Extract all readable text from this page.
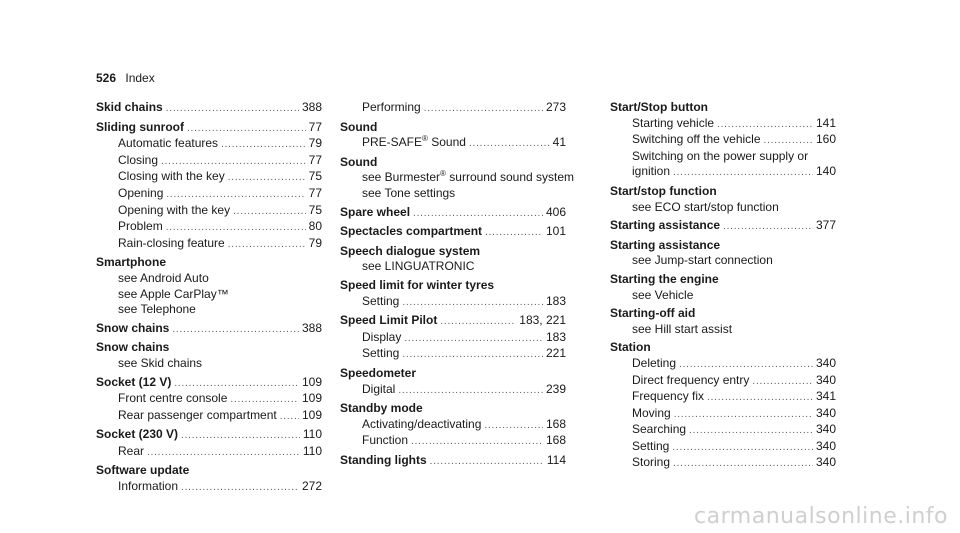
526 Index
Skid chains . . .	388
Sliding sunroof . . .	77
Automatic features . . .	79
Closing . . .	77
Closing with the key . . .	75
Opening . . .	77
Opening with the key . . .	75
Problem . . .	80
Rain-closing feature . . .	79
Smartphone
see Android Auto
see Apple CarPlay™
see Telephone
Snow chains . . .	388
Snow chains
see Skid chains
Socket (12 V) . . .	109
Front centre console . . .	109
Rear passenger compartment . . . 109
Socket (230 V) . . .	110
Rear . . .	110
Software update
Information . . .	272
Performing . . .	273
Sound
PRE-SAFE® Sound . . .	41
Sound
see Burmester® surround sound system
see Tone settings
Spare wheel . . .	406
Spectacles compartment . . .	101
Speech dialogue system
see LINGUATRONIC
Speed limit for winter tyres
Setting . . .	183
Speed Limit Pilot . . .	183, 221
Display . . .	183
Setting . . .	221
Speedometer
Digital . . .	239
Standby mode
Activating/deactivating . . .	168
Function . . .	168
Standing lights . . .	114
Start/Stop button
Starting vehicle . . .	141
Switching off the vehicle . . .	160
Switching on the power supply or
ignition . . .	140
Start/stop function
see ECO start/stop function
Starting assistance . . .	377
Starting assistance
see Jump-start connection
Starting the engine
see Vehicle
Starting-off aid
see Hill start assist
Station
Deleting . . .	340
Direct frequency entry . . .	340
Frequency fix . . .	341
Moving . . .	340
Searching . . .	340
Setting . . .	340
Storing . . .	340
carmanualsonline.info
